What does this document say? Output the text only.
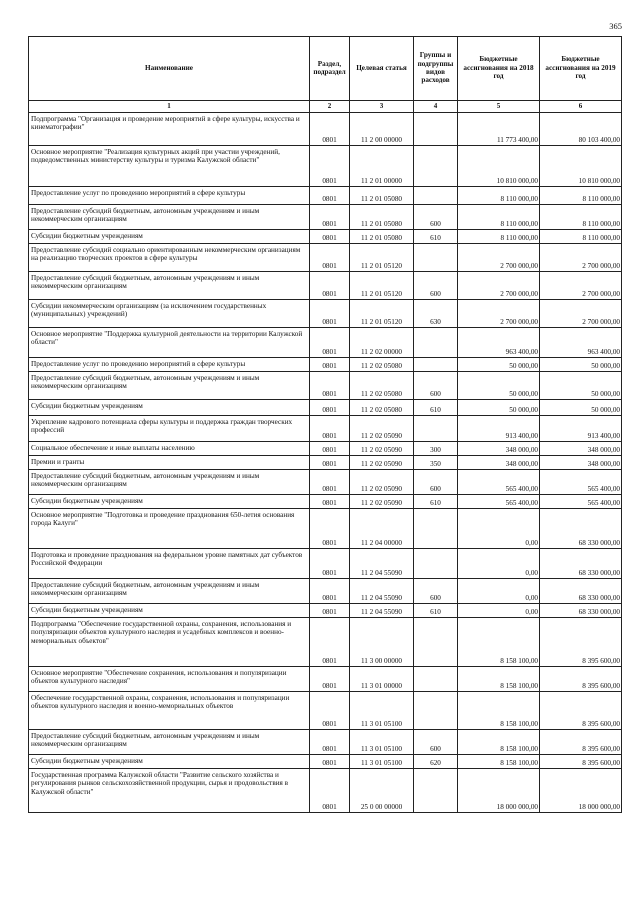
365
Наименование	Раздел, подраздел	Целевая статья	Группы и подгруппы видов расходов	Бюджетные ассигнования на 2018 год	Бюджетные ассигнования на 2019 год
1	2	3	4	5	6
Подпрограмма "Организация и проведение мероприятий в сфере культуры, искусства и кинематографии"	0801	11 2 00 00000		11 773 400,00	80 103 400,00
Основное мероприятие "Реализация культурных акций при участии учреждений, подведомственных министерству культуры и туризма Калужской области"	0801	11 2 01 00000		10 810 000,00	10 810 000,00
Предоставление услуг по проведению мероприятий в сфере культуры	0801	11 2 01 05080		8 110 000,00	8 110 000,00
Предоставление субсидий бюджетным, автономным учреждениям и иным некоммерческим организациям	0801	11 2 01 05080	600	8 110 000,00	8 110 000,00
Субсидии бюджетным учреждениям	0801	11 2 01 05080	610	8 110 000,00	8 110 000,00
Предоставление субсидий социально ориентированным некоммерческим организациям на реализацию творческих проектов в сфере культуры	0801	11 2 01 05120		2 700 000,00	2 700 000,00
Предоставление субсидий бюджетным, автономным учреждениям и иным некоммерческим организациям	0801	11 2 01 05120	600	2 700 000,00	2 700 000,00
Субсидии некоммерческим организациям (за исключением государственных (муниципальных) учреждений)	0801	11 2 01 05120	630	2 700 000,00	2 700 000,00
Основное мероприятие "Поддержка культурной деятельности на территории Калужской области"	0801	11 2 02 00000		963 400,00	963 400,00
Предоставление услуг по проведению мероприятий в сфере культуры	0801	11 2 02 05080		50 000,00	50 000,00
Предоставление субсидий бюджетным, автономным учреждениям и иным некоммерческим организациям	0801	11 2 02 05080	600	50 000,00	50 000,00
Субсидии бюджетным учреждениям	0801	11 2 02 05080	610	50 000,00	50 000,00
Укрепление кадрового потенциала сферы культуры и поддержка граждан творческих профессий	0801	11 2 02 05090		913 400,00	913 400,00
Социальное обеспечение и иные выплаты населению	0801	11 2 02 05090	300	348 000,00	348 000,00
Премии и гранты	0801	11 2 02 05090	350	348 000,00	348 000,00
Предоставление субсидий бюджетным, автономным учреждениям и иным некоммерческим организациям	0801	11 2 02 05090	600	565 400,00	565 400,00
Субсидии бюджетным учреждениям	0801	11 2 02 05090	610	565 400,00	565 400,00
Основное мероприятие "Подготовка и проведение празднования 650-летия основания города Калуги"	0801	11 2 04 00000		0,00	68 330 000,00
Подготовка и проведение празднования на федеральном уровне памятных дат субъектов Российской Федерации	0801	11 2 04 55090		0,00	68 330 000,00
Предоставление субсидий бюджетным, автономным учреждениям и иным некоммерческим организациям	0801	11 2 04 55090	600	0,00	68 330 000,00
Субсидии бюджетным учреждениям	0801	11 2 04 55090	610	0,00	68 330 000,00
Подпрограмма "Обеспечение государственной охраны, сохранения, использования и популяризации объектов культурного наследия и усадебных комплексов и военно-мемориальных объектов"	0801	11 3 00 00000		8 158 100,00	8 395 600,00
Основное мероприятие "Обеспечение сохранения, использования и популяризации объектов культурного наследия"	0801	11 3 01 00000		8 158 100,00	8 395 600,00
Обеспечение государственной охраны, сохранения, использования и популяризации объектов культурного наследия и военно-мемориальных объектов	0801	11 3 01 05100		8 158 100,00	8 395 600,00
Предоставление субсидий бюджетным, автономным учреждениям и иным некоммерческим организациям	0801	11 3 01 05100	600	8 158 100,00	8 395 600,00
Субсидии бюджетным учреждениям	0801	11 3 01 05100	620	8 158 100,00	8 395 600,00
Государственная программа Калужской области "Развитие сельского хозяйства и регулирования рынков сельскохозяйственной продукции, сырья и продовольствия в Калужской области"	0801	25 0 00 00000		18 000 000,00	18 000 000,00
